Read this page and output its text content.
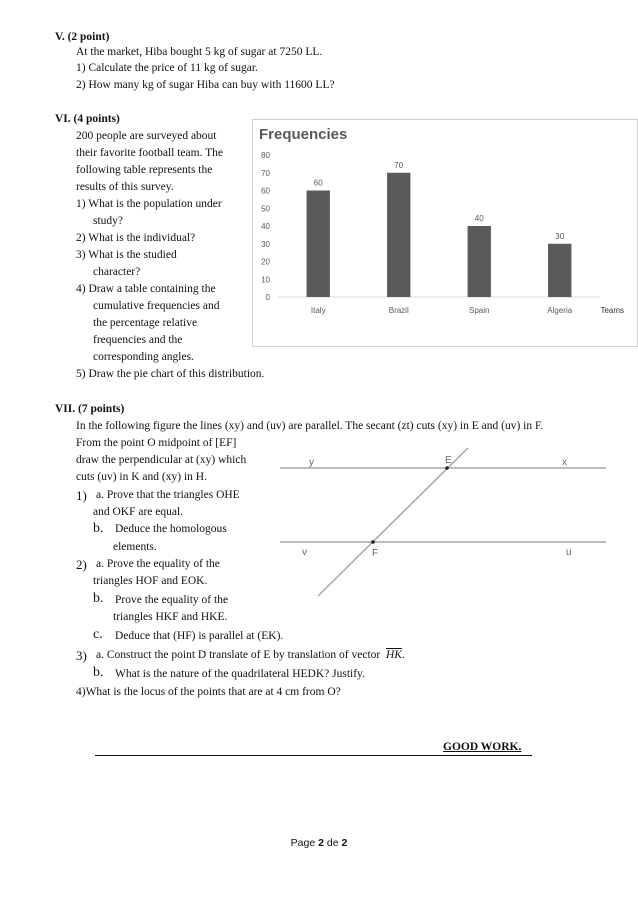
V. (2 point)
At the market, Hiba bought 5 kg of sugar at 7250 LL.
1) Calculate the price of 11 kg of sugar.
2) How many kg of sugar Hiba can buy with 11600 LL?
VI. (4 points)
200 people are surveyed about
their favorite football team. The
following table represents the
results of this survey.
1) What is the population under
study?
2) What is the individual?
3) What is the studied
character?
4) Draw a table containing the
cumulative frequencies and
the percentage relative
frequencies and the
corresponding angles.
5) Draw the pie chart of this distribution.
Frequencies
0
10
20
30
40
50
60
70
80
60
Italy
70
Brazil
40
Spain
30
Algeria	Teams
VII. (7 points)
In the following figure the lines (xy) and (uv) are parallel. The secant (zt) cuts (xy) in E and (uv) in F.
From the point O midpoint of [EF]
draw the perpendicular at (xy) which
cuts (uv) in K and (xy) in H.
1) a. Prove that the triangles OHE
and OKF are equal.
b. Deduce the homologous
elements.
2) a. Prove the equality of the
triangles HOF and EOK.
b. Prove the equality of the
triangles HKF and HKE.
c. Deduce that (HF) is parallel at (EK).
3) a. Construct the point D translate of E by translation of vector $\overline{HK}$.
b. What is the nature of the quadrilateral HEDK? Justify.
4)What is the locus of the points that are at 4 cm from O?
y	x
E
v	F	u
GOOD WORK.
Page 2 de 2
